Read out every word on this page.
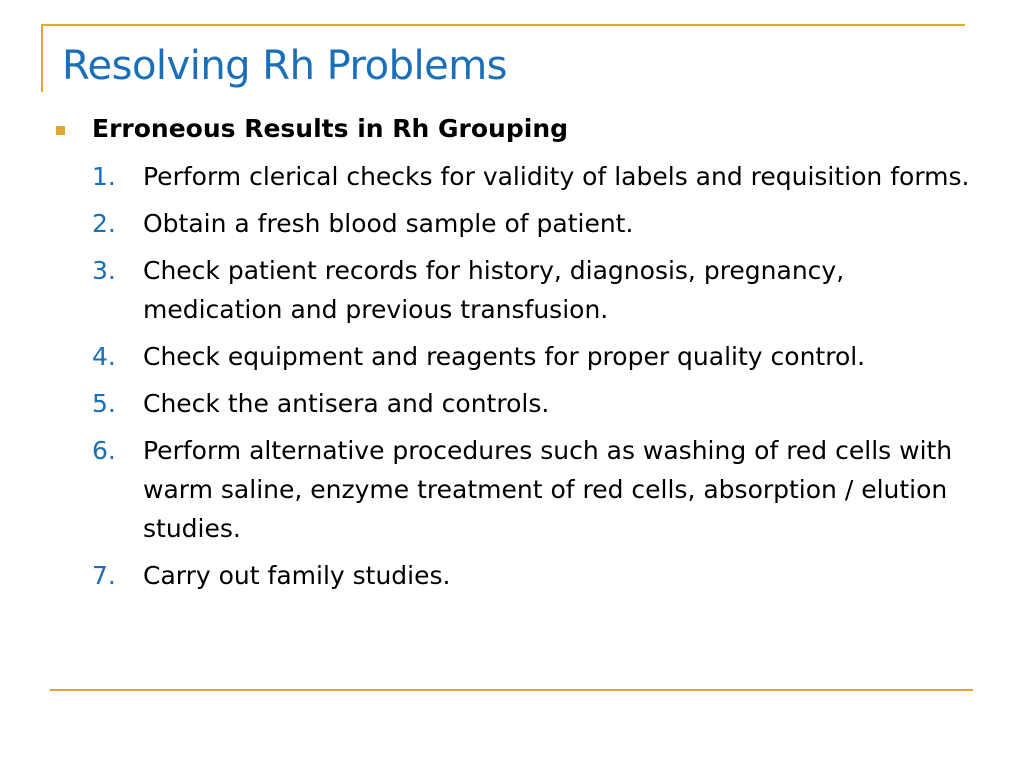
Resolving Rh Problems
Erroneous Results in Rh Grouping
1.	Perform clerical checks for validity of labels and requisition forms.
2.	Obtain a fresh blood sample of patient.
3.	Check patient records for history, diagnosis, pregnancy, medication and previous transfusion.
4.	Check equipment and reagents for proper quality control.
5.	Check the antisera and controls.
6.	Perform alternative procedures such as washing of red cells with warm saline, enzyme treatment of red cells, absorption / elution studies.
7.	Carry out family studies.
